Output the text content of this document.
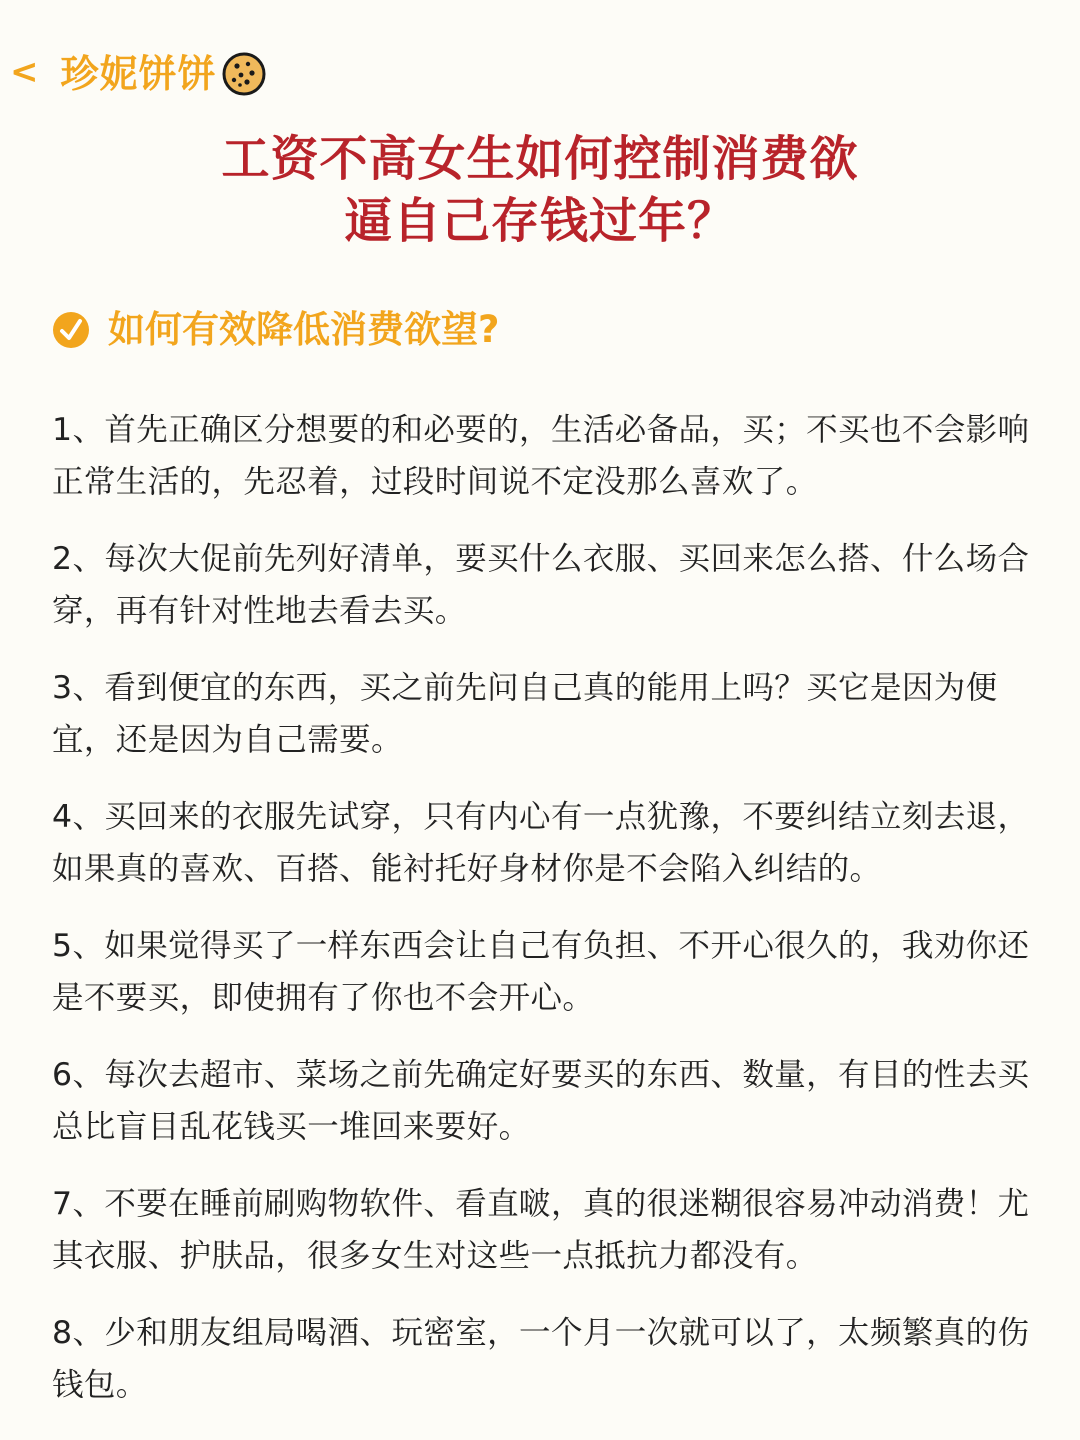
< 珍妮饼饼
工资不高女生如何控制消费欲
逼自己存钱过年？
如何有效降低消费欲望?
1、首先正确区分想要的和必要的，生活必备品，买；不买也不会影响
正常生活的，先忍着，过段时间说不定没那么喜欢了。
2、每次大促前先列好清单，要买什么衣服、买回来怎么搭、什么场合
穿，再有针对性地去看去买。
3、看到便宜的东西，买之前先问自己真的能用上吗？买它是因为便
宜，还是因为自己需要。
4、买回来的衣服先试穿，只有内心有一点犹豫，不要纠结立刻去退，
如果真的喜欢、百搭、能衬托好身材你是不会陷入纠结的。
5、如果觉得买了一样东西会让自己有负担、不开心很久的，我劝你还
是不要买，即使拥有了你也不会开心。
6、每次去超市、菜场之前先确定好要买的东西、数量，有目的性去买
总比盲目乱花钱买一堆回来要好。
7、不要在睡前刷购物软件、看直啵，真的很迷糊很容易冲动消费！尤
其衣服、护肤品，很多女生对这些一点抵抗力都没有。
8、少和朋友组局喝酒、玩密室，一个月一次就可以了，太频繁真的伤
钱包。
